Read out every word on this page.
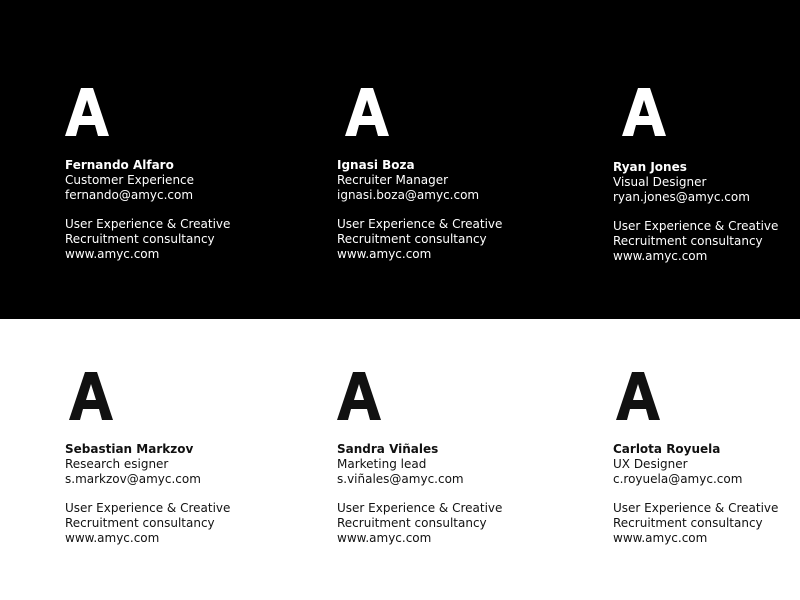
Fernando Alfaro
Customer Experience
fernando@amyc.com
User Experience & Creative
Recruitment consultancy
www.amyc.com
Ignasi Boza
Recruiter Manager
ignasi.boza@amyc.com
User Experience & Creative
Recruitment consultancy
www.amyc.com
Ryan Jones
Visual Designer
ryan.jones@amyc.com
User Experience & Creative
Recruitment consultancy
www.amyc.com
Sebastian Markzov
Research esigner
s.markzov@amyc.com
User Experience & Creative
Recruitment consultancy
www.amyc.com
Sandra Viñales
Marketing lead
s.viñales@amyc.com
User Experience & Creative
Recruitment consultancy
www.amyc.com
Carlota Royuela
UX Designer
c.royuela@amyc.com
User Experience & Creative
Recruitment consultancy
www.amyc.com
